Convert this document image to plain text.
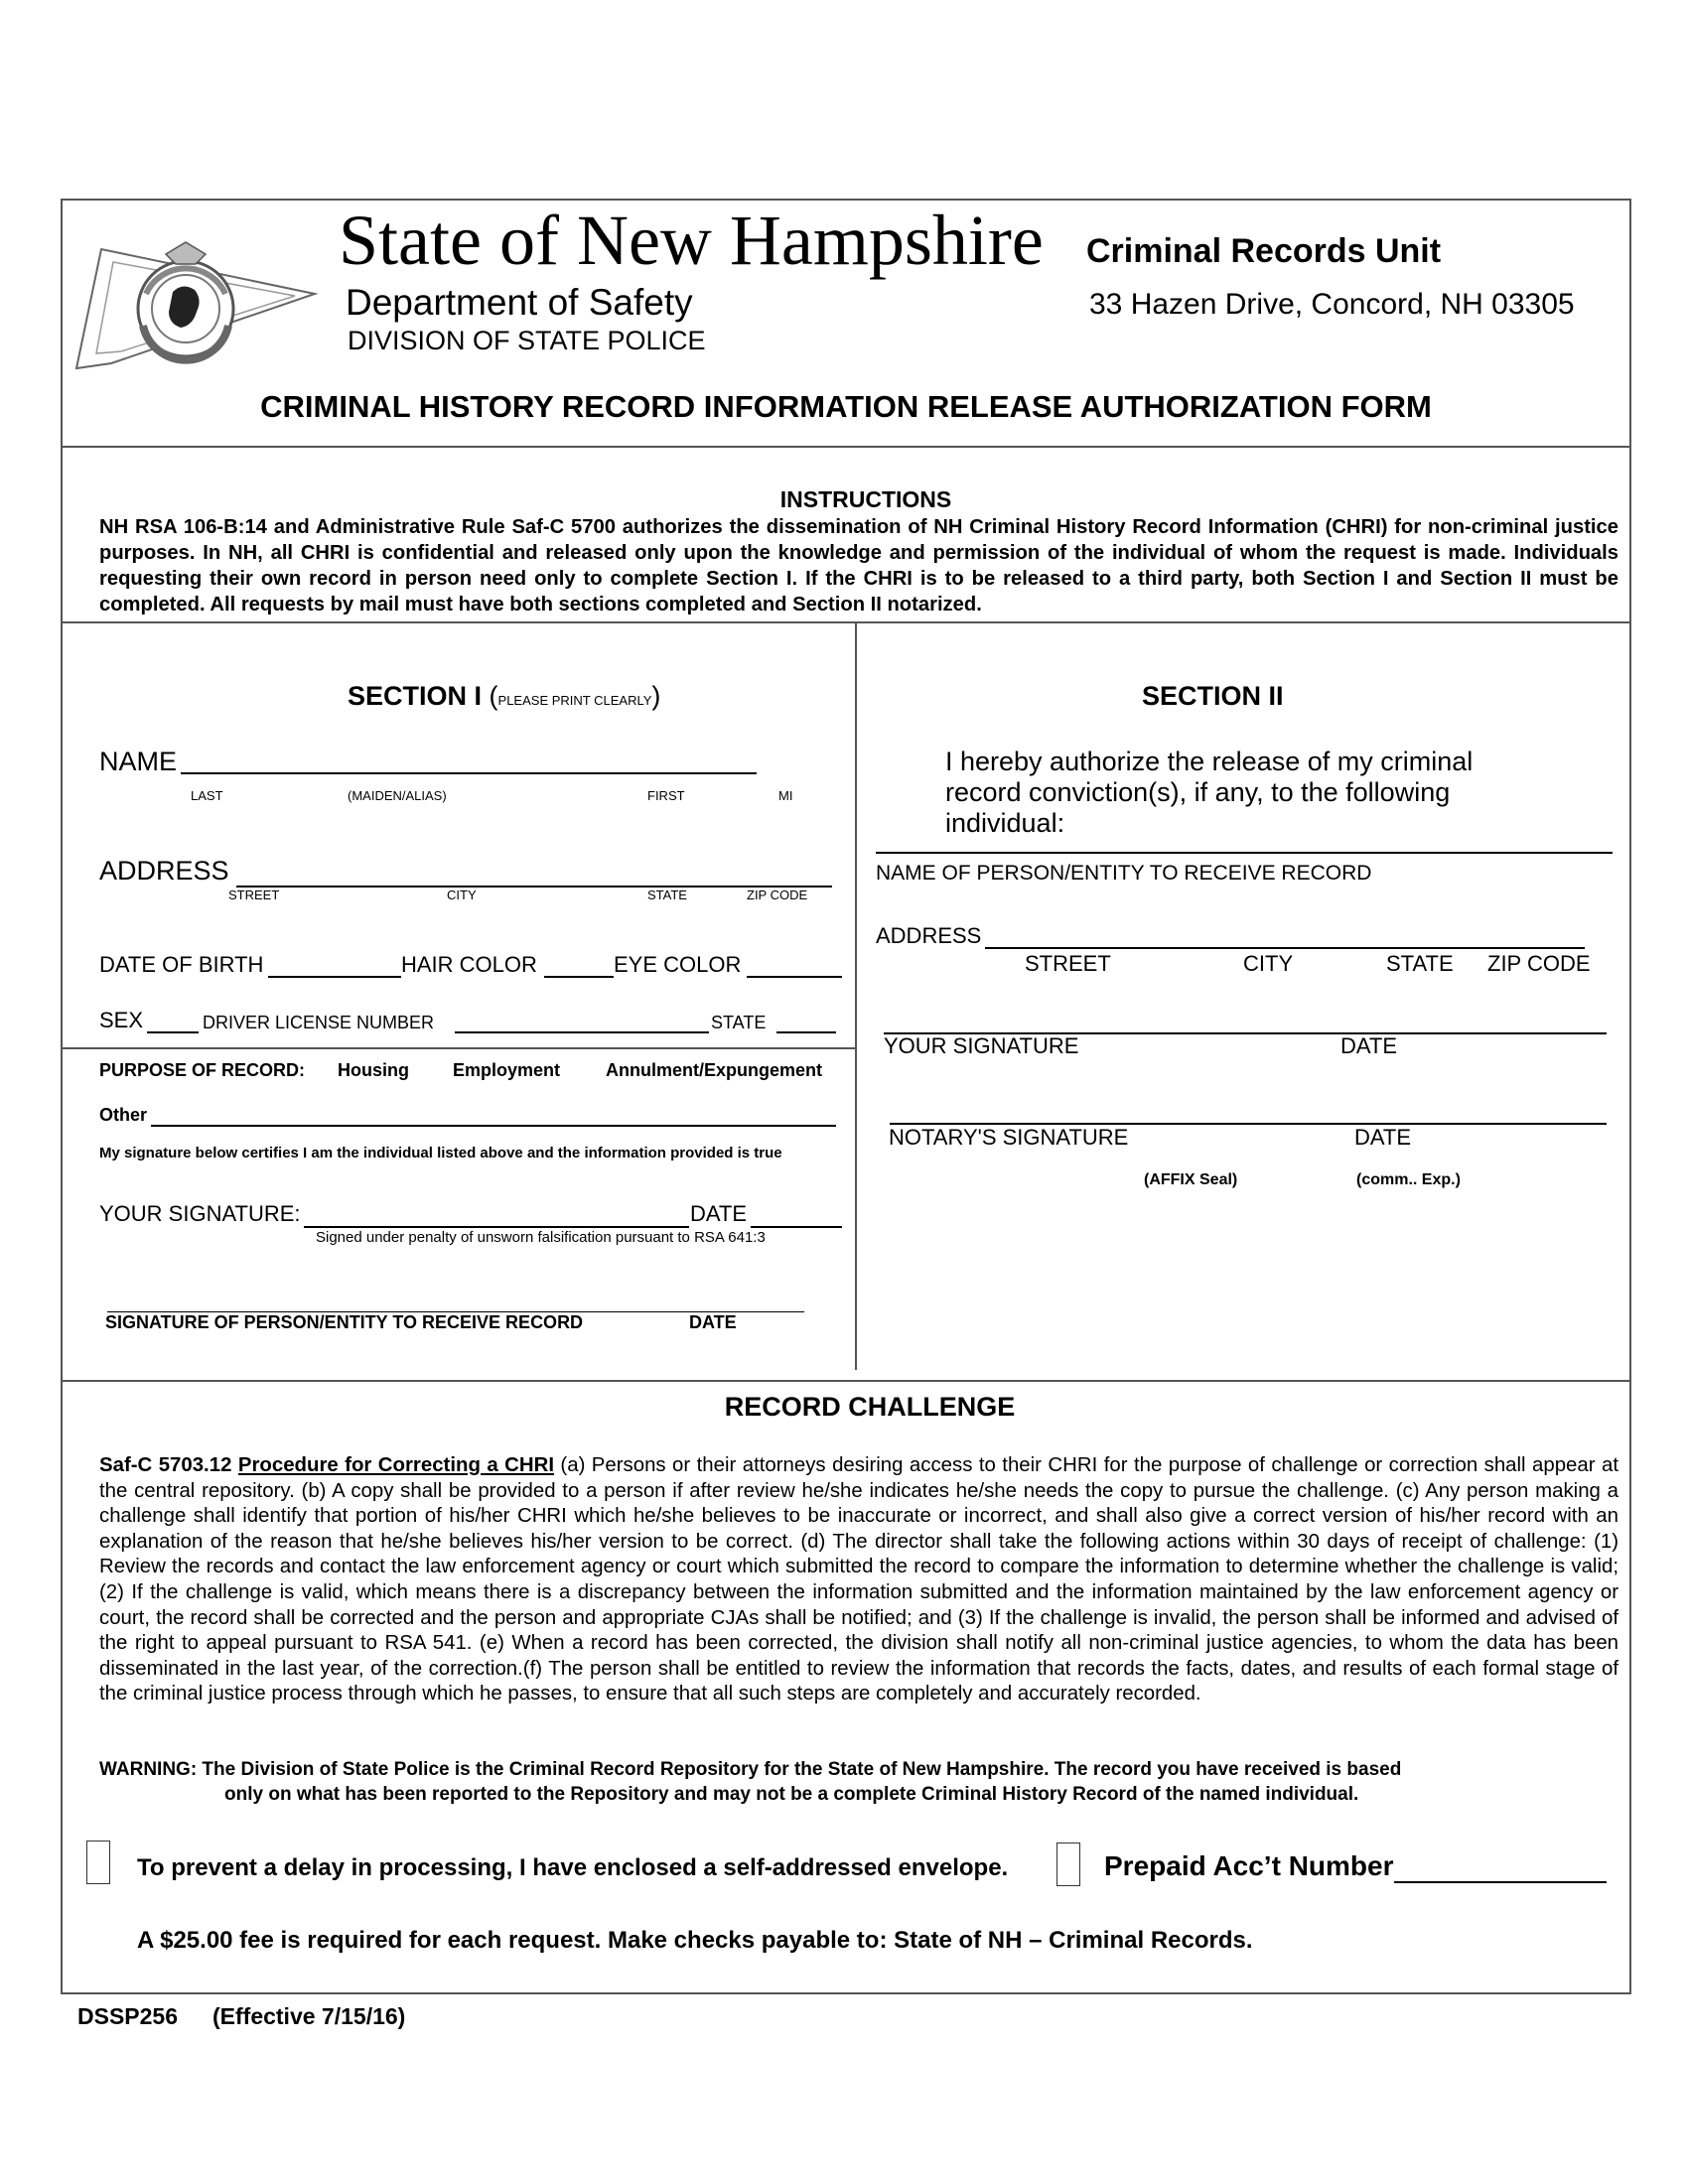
State of New Hampshire Criminal Records Unit
Department of Safety	33 Hazen Drive, Concord, NH 03305
DIVISION OF STATE POLICE
CRIMINAL HISTORY RECORD INFORMATION RELEASE AUTHORIZATION FORM
INSTRUCTIONS
NH RSA 106-B:14 and Administrative Rule Saf-C 5700 authorizes the dissemination of NH Criminal History Record Information (CHRI) for non-criminal justice purposes. In NH, all CHRI is confidential and released only upon the knowledge and permission of the individual of whom the request is made. Individuals requesting their own record in person need only to complete Section I. If the CHRI is to be released to a third party, both Section I and Section II must be completed. All requests by mail must have both sections completed and Section II notarized.
SECTION I (PLEASE PRINT CLEARLY)
NAME
LAST	(MAIDEN/ALIAS)	FIRST	MI
ADDRESS
STREET	CITY	STATE	ZIP CODE
DATE OF BIRTH	HAIR COLOR	EYE COLOR
SEX	DRIVER LICENSE NUMBER	STATE
PURPOSE OF RECORD: Housing Employment	Annulment/Expungement
Other
My signature below certifies I am the individual listed above and the information provided is true
YOUR SIGNATURE:	DATE
Signed under penalty of unsworn falsification pursuant to RSA 641:3
SIGNATURE OF PERSON/ENTITY TO RECEIVE RECORD	DATE
SECTION II
I hereby authorize the release of my criminal record conviction(s), if any, to the following individual:
NAME OF PERSON/ENTITY TO RECEIVE RECORD
ADDRESS
STREET	CITY	STATE ZIP CODE
YOUR SIGNATURE	DATE
NOTARY'S SIGNATURE	DATE
(AFFIX Seal)	(comm.. Exp.)
RECORD CHALLENGE
Saf-C 5703.12 Procedure for Correcting a CHRI (a) Persons or their attorneys desiring access to their CHRI for the purpose of challenge or correction shall appear at the central repository. (b) A copy shall be provided to a person if after review he/she indicates he/she needs the copy to pursue the challenge. (c) Any person making a challenge shall identify that portion of his/her CHRI which he/she believes to be inaccurate or incorrect, and shall also give a correct version of his/her record with an explanation of the reason that he/she believes his/her version to be correct. (d) The director shall take the following actions within 30 days of receipt of challenge: (1) Review the records and contact the law enforcement agency or court which submitted the record to compare the information to determine whether the challenge is valid; (2) If the challenge is valid, which means there is a discrepancy between the information submitted and the information maintained by the law enforcement agency or court, the record shall be corrected and the person and appropriate CJAs shall be notified; and (3) If the challenge is invalid, the person shall be informed and advised of the right to appeal pursuant to RSA 541. (e) When a record has been corrected, the division shall notify all non-criminal justice agencies, to whom the data has been disseminated in the last year, of the correction.(f) The person shall be entitled to review the information that records the facts, dates, and results of each formal stage of the criminal justice process through which he passes, to ensure that all such steps are completely and accurately recorded.
WARNING: The Division of State Police is the Criminal Record Repository for the State of New Hampshire. The record you have received is based
only on what has been reported to the Repository and may not be a complete Criminal History Record of the named individual.
To prevent a delay in processing, I have enclosed a self-addressed envelope.	Prepaid Acc’t Number
A $25.00 fee is required for each request. Make checks payable to: State of NH – Criminal Records.
DSSP256 (Effective 7/15/16)
